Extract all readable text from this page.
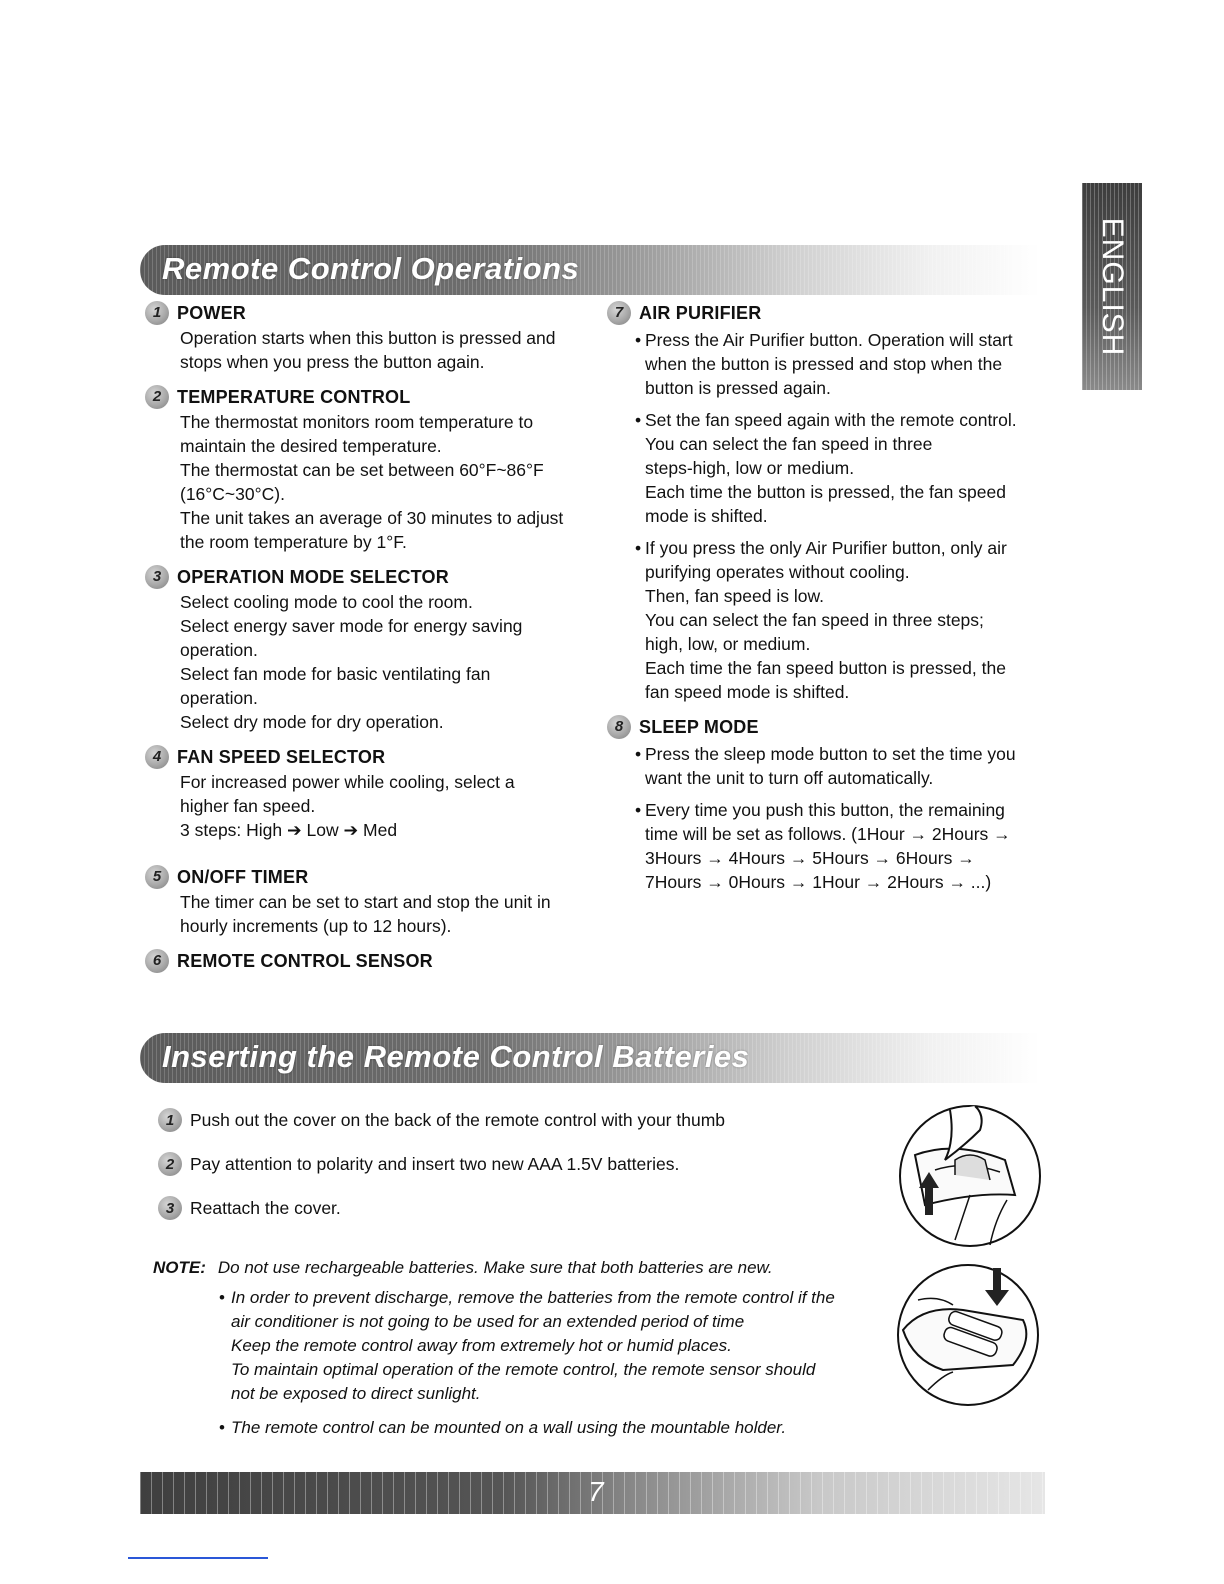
ENGLISH
Remote Control Operations
1 POWER

Operation starts when this button is pressed and

stops when you press the button again.

2 TEMPERATURE CONTROL

The thermostat monitors room temperature to

maintain the desired temperature.

The thermostat can be set between 60°F~86°F

(16°C~30°C).

The unit takes an average of 30 minutes to adjust

the room temperature by 1°F.

3 OPERATION MODE SELECTOR

Select cooling mode to cool the room.

Select energy saver mode for energy saving

operation.

Select fan mode for basic ventilating fan

operation.

Select dry mode for dry operation.

4 FAN SPEED SELECTOR

For increased power while cooling, select a

higher fan speed.

3 steps: High ➔ Low ➔ Med

5 ON/OFF TIMER

The timer can be set to start and stop the unit in

hourly increments (up to 12 hours).

6 REMOTE CONTROL SENSOR
7 AIR PURIFIER

• Press the Air Purifier button. Operation will start

when the button is pressed and stop when the

button is pressed again.

• Set the fan speed again with the remote control.

You can select the fan speed in three

steps-high, low or medium.

Each time the button is pressed, the fan speed

mode is shifted.

• If you press the only Air Purifier button, only air

purifying operates without cooling.

Then, fan speed is low.

You can select the fan speed in three steps;

high, low, or medium.

Each time the fan speed button is pressed, the

fan speed mode is shifted.

8 SLEEP MODE

• Press the sleep mode button to set the time you

want the unit to turn off automatically.

• Every time you push this button, the remaining

time will be set as follows. (1Hour → 2Hours →

3Hours → 4Hours → 5Hours → 6Hours →

7Hours → 0Hours → 1Hour → 2Hours → ...)

Inserting the Remote Control Batteries
1 Push out the cover on the back of the remote control with your thumb
2 Pay attention to polarity and insert two new AAA 1.5V batteries.
3 Reattach the cover.
NOTE: Do not use rechargeable batteries. Make sure that both batteries are new.

• In order to prevent discharge, remove the batteries from the remote control if the

air conditioner is not going to be used for an extended period of time

Keep the remote control away from extremely hot or humid places.

To maintain optimal operation of the remote control, the remote sensor should

not be exposed to direct sunlight.

• The remote control can be mounted on a wall using the mountable holder.

7
